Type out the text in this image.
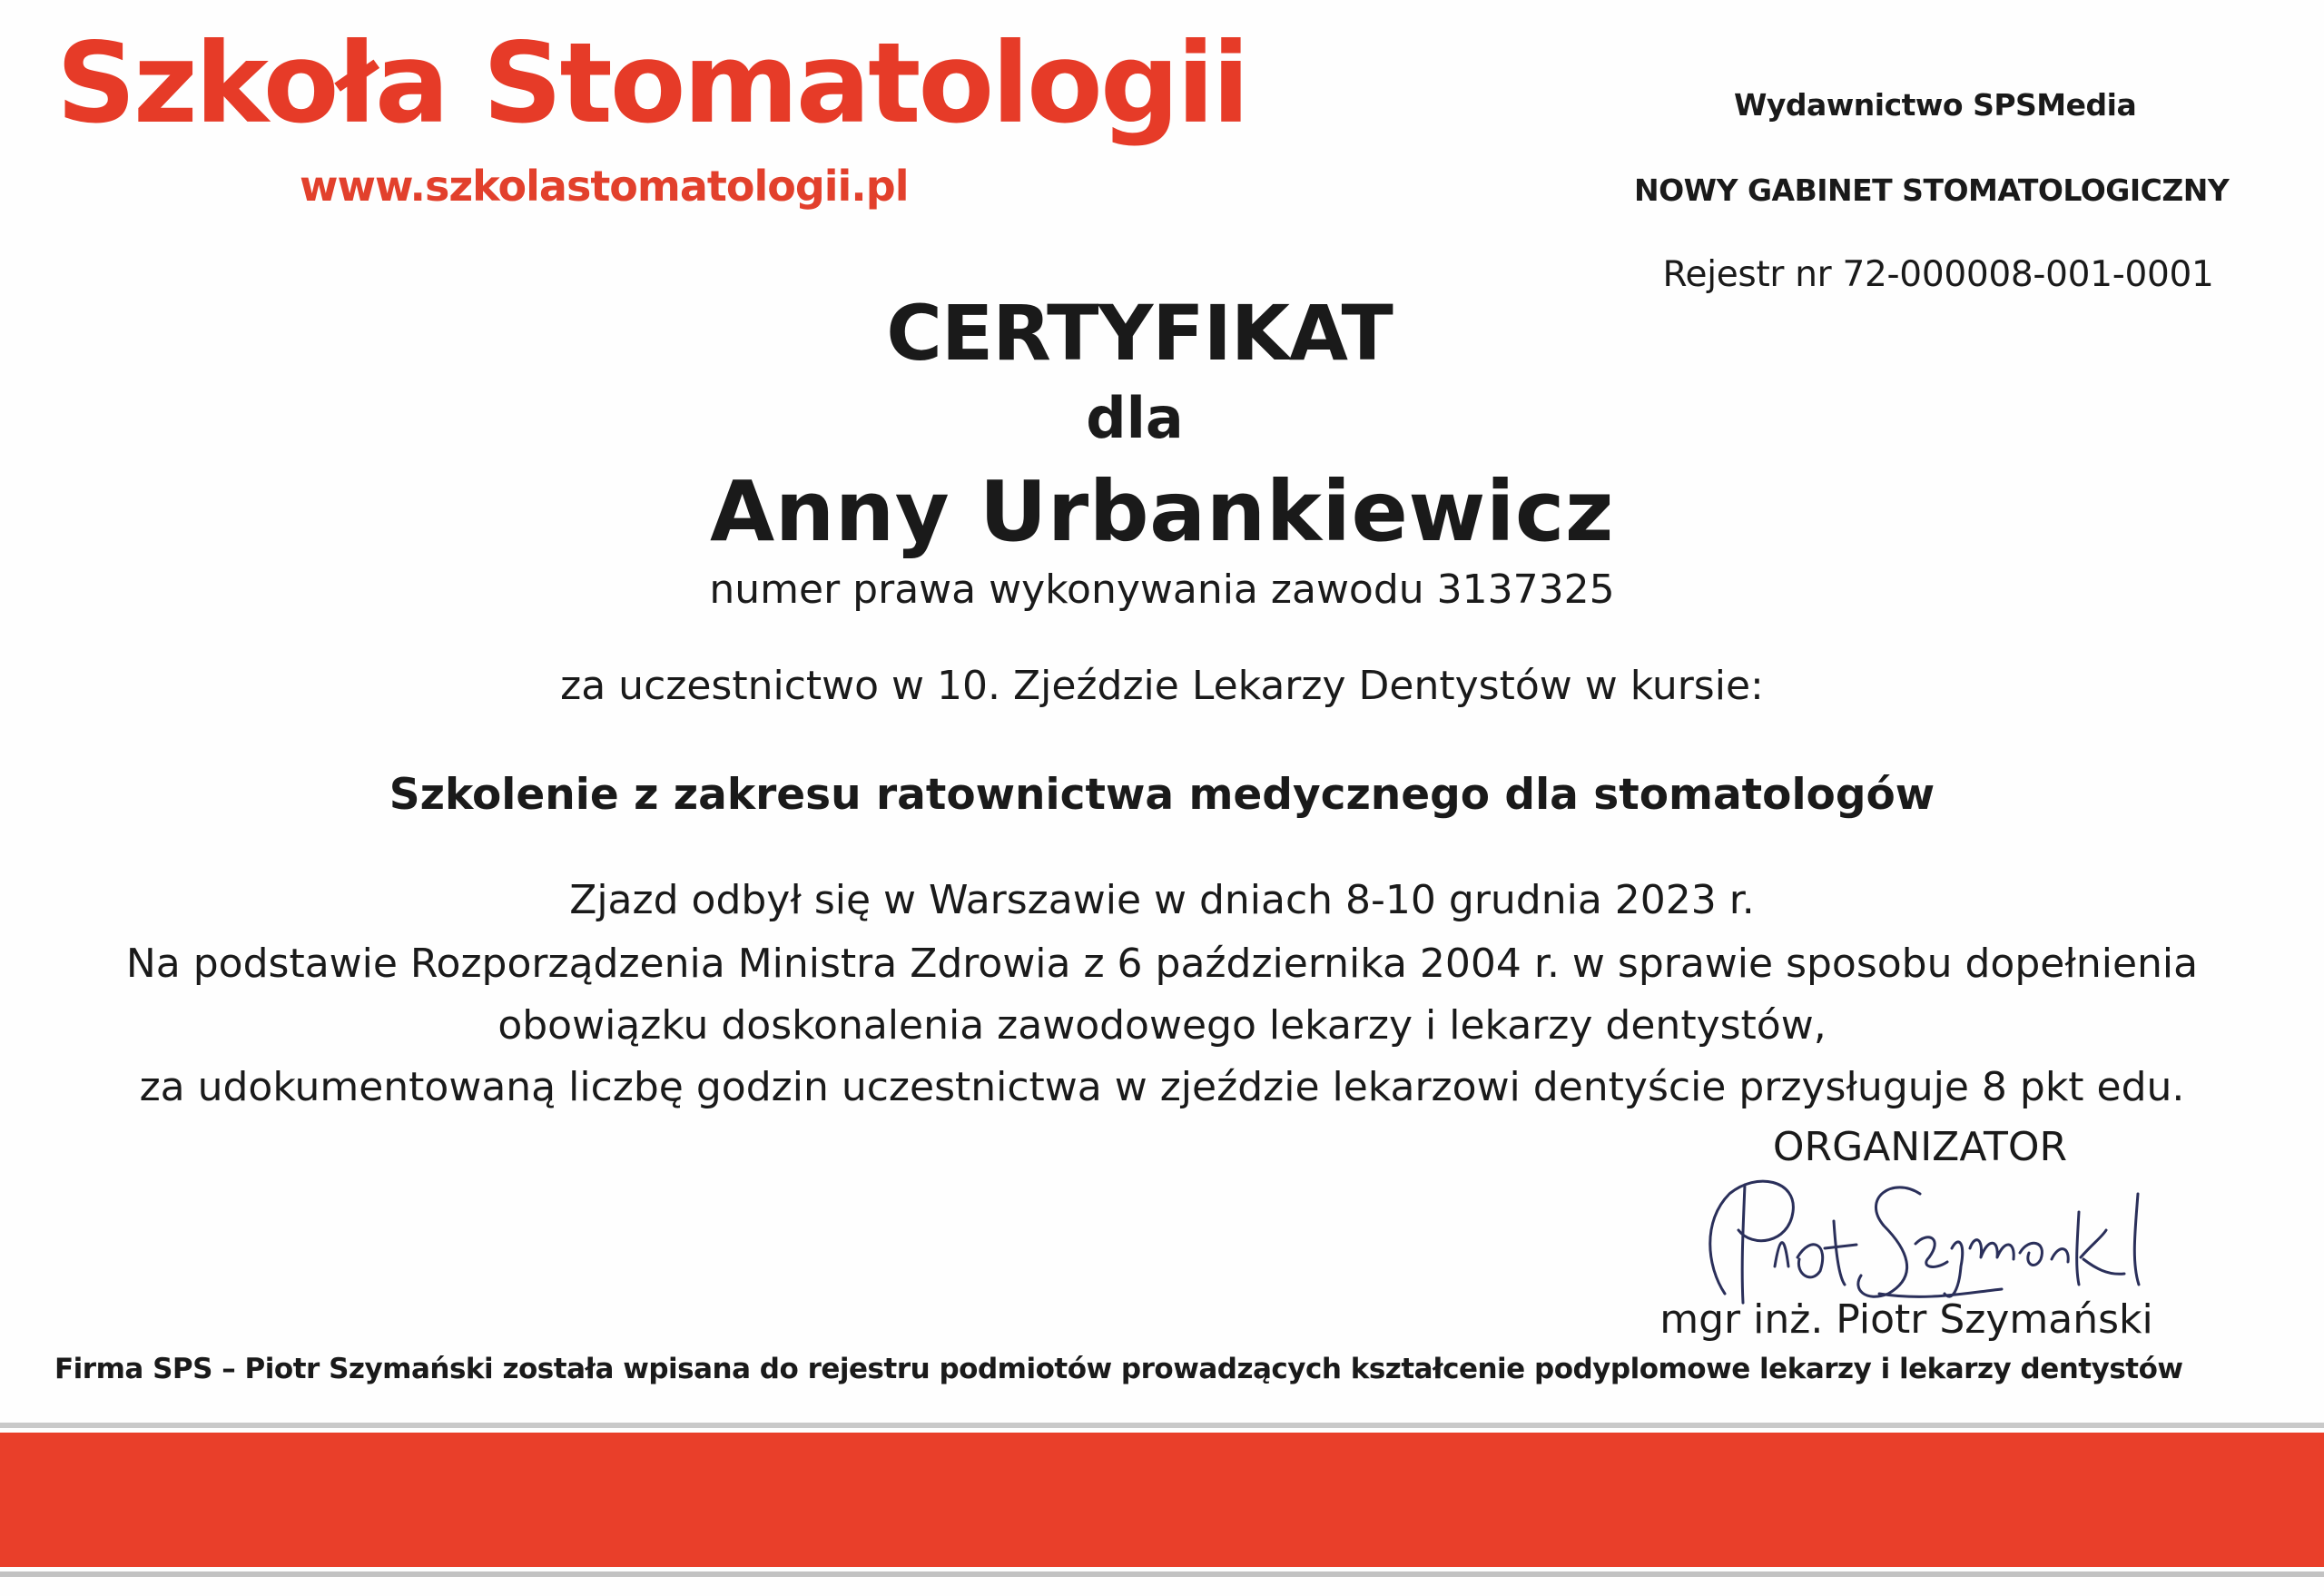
Szkoła Stomatologii
www.szkolastomatologii.pl
Wydawnictwo SPSMedia
NOWY GABINET STOMATOLOGICZNY
Rejestr nr 72-000008-001-0001
CERTYFIKAT
dla
Anny Urbankiewicz
numer prawa wykonywania zawodu 3137325
za uczestnictwo w 10. Zjeździe Lekarzy Dentystów w kursie:
Szkolenie z zakresu ratownictwa medycznego dla stomatologów
Zjazd odbył się w Warszawie w dniach 8-10 grudnia 2023 r.
Na podstawie Rozporządzenia Ministra Zdrowia z 6 października 2004 r. w sprawie sposobu dopełnienia
obowiązku doskonalenia zawodowego lekarzy i lekarzy dentystów,
za udokumentowaną liczbę godzin uczestnictwa w zjeździe lekarzowi dentyście przysługuje 8 pkt edu.
ORGANIZATOR
mgr inż. Piotr Szymański
Firma SPS – Piotr Szymański została wpisana do rejestru podmiotów prowadzących kształcenie podyplomowe lekarzy i lekarzy dentystów
